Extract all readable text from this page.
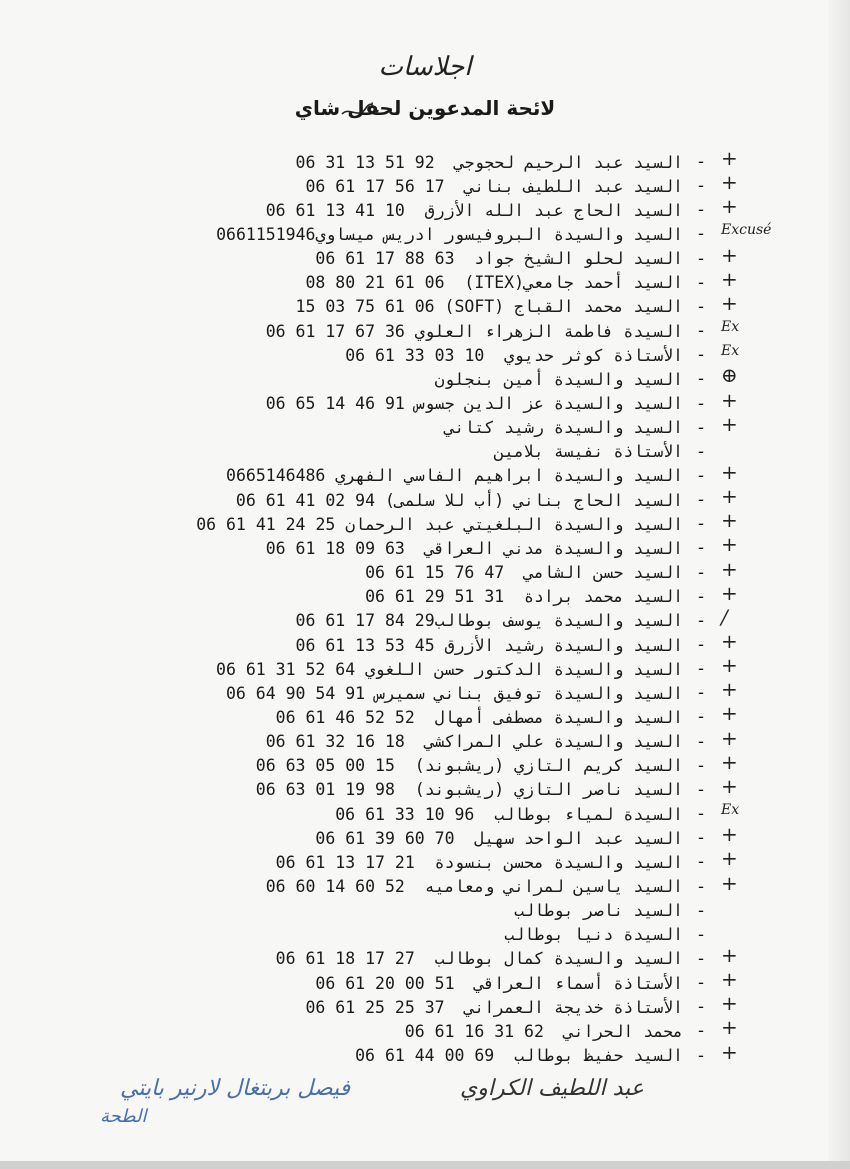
اجلاسات
لائحة المدعوين لحفل شاي
-
السيد عبد الرحيم لحجوجي  92 51 13 31 06 +
-
السيد عبد اللطيف بناني  17 56 17 61 06 +
-
السيد الحاج عبد الله الأزرق  10 41 13 61 06 +
-
السيد والسيدة البروفيسور ادريس ميساوي0661151946	Excusé
-
السيد لحلو الشيخ جواد  63 88 17 61 06 +
-
السيد أحمد جامعي(ITEX)  08 80 21 61 06 +
-
السيد محمد القباج (SOFT) 15 03 75 61 06 +
-
السيدة فاطمة الزهراء العلوي 36 67 17 61 06	Ex
-
الأستاذة كوثر حديوي  10 03 33 61 06	Ex
-
السيد والسيدة أمين بنجلون ⊕
-
السيد والسيدة عز الدين جسوس 91 46 14 65 06 +
-
السيد والسيدة رشيد كتاني +
-
الأستاذة نفيسة بلامين
-
السيد والسيدة ابراهيم الفاسي الفهري 0665146486 +
-
السيد الحاج بناني (أب للا سلمى) 94 02 41 61 06 +
-
السيد والسيدة البلغيتي عبد الرحمان 25 24 41 61 06 +
-
السيد والسيدة مدني العراقي  63 09 18 61 06 +
-
السيد حسن الشامي  47 76 15 61 06 +
-
السيد محمد برادة  31 51 29 61 06 +
-
السيد والسيدة يوسف بوطالب29 84 17 61 06 /
-
السيد والسيدة رشيد الأزرق 45 53 13 61 06 +
-
السيد والسيدة الدكتور حسن اللغوي 64 52 31 61 06 +
-
السيد والسيدة توفيق بناني سميرس 91 54 90 64 06 +
-
السيد والسيدة مصطفى أمهال  52 52 46 61 06 +
-
السيد والسيدة علي المراكشي  18 16 32 61 06 +
-
السيد كريم التازي (ريشبوند)  15 00 05 63 06 +
-
السيد ناصر التازي (ريشبوند)  98 19 01 63 06 +
-
السيدة لمياء بوطالب  96 10 33 61 06	Ex
-
السيد عبد الواحد سهيل  70 60 39 61 06 +
-
السيد والسيدة محسن بنسودة  21 17 13 61 06 +
-
السيد ياسين لمراني ومعاميه  52 60 14 60 06 +
-
السيد ناصر بوطالب
-
السيدة دنيا بوطالب
-
السيد والسيدة كمال بوطالب  27 17 18 61 06 +
-
الأستاذة أسماء العراقي  51 00 20 61 06 +
-
الأستاذة خديجة العمراني  37 25 25 61 06 +
-
محمد الحراني  62 31 16 61 06 +
-
السيد حفيظ بوطالب  69 00 44 61 06 +
فيصل بربتغال لارنير بايتي
الطحة
عبد اللطيف الكراوي
